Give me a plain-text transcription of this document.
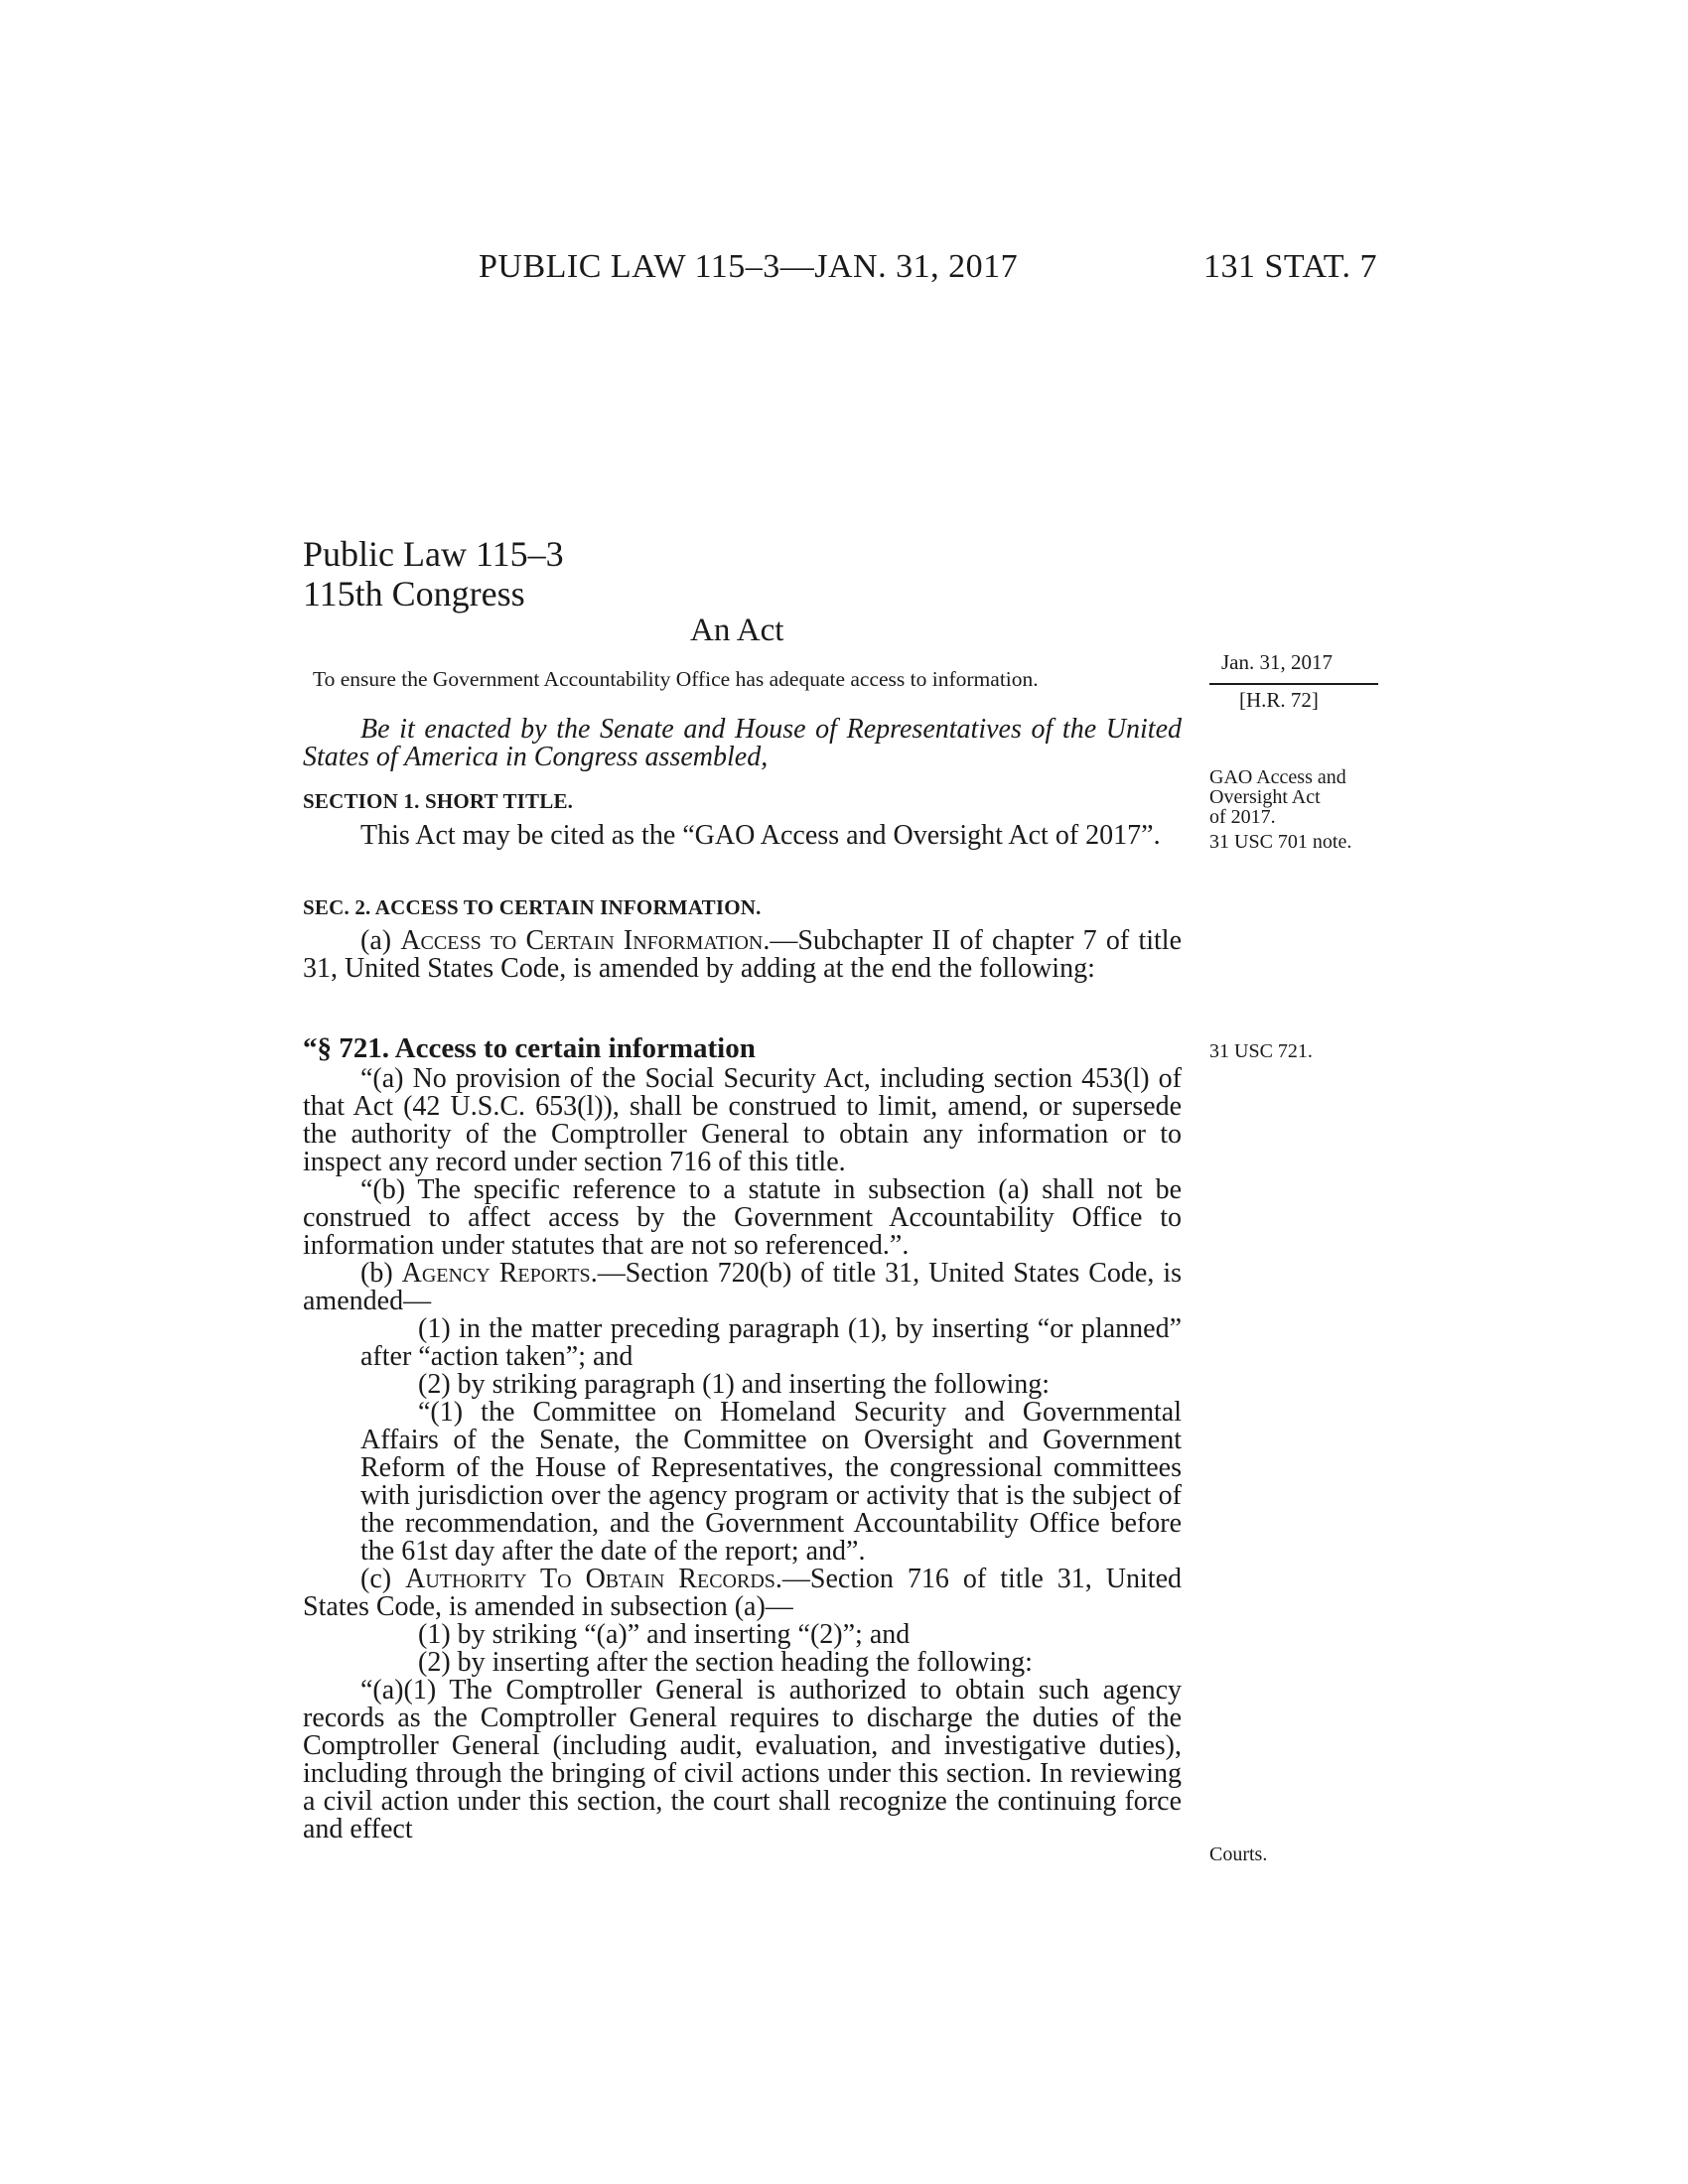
PUBLIC LAW 115–3—JAN. 31, 2017	131 STAT. 7
Public Law 115–3
115th Congress
An Act
To ensure the Government Accountability Office has adequate access to information.
Jan. 31, 2017
[H.R. 72]
GAO Access and
Oversight Act
of 2017.
31 USC 701 note.
31 USC 721.
Courts.

Be it enacted by the Senate and House of Representatives of the United States of America in Congress assembled,

SECTION 1. SHORT TITLE.

This Act may be cited as the “GAO Access and Oversight Act of 2017”.

SEC. 2. ACCESS TO CERTAIN INFORMATION.

(a) Access to Certain Information.—Subchapter II of chapter 7 of title 31, United States Code, is amended by adding at the end the following:

“§ 721. Access to certain information

“(a) No provision of the Social Security Act, including section 453(l) of that Act (42 U.S.C. 653(l)), shall be construed to limit, amend, or supersede the authority of the Comptroller General to obtain any information or to inspect any record under section 716 of this title.

“(b) The specific reference to a statute in subsection (a) shall not be construed to affect access by the Government Accountability Office to information under statutes that are not so referenced.”.

(b) Agency Reports.—Section 720(b) of title 31, United States Code, is amended—

(1) in the matter preceding paragraph (1), by inserting “or planned” after “action taken”; and

(2) by striking paragraph (1) and inserting the following:

“(1) the Committee on Homeland Security and Governmental Affairs of the Senate, the Committee on Oversight and Government Reform of the House of Representatives, the congressional committees with jurisdiction over the agency program or activity that is the subject of the recommendation, and the Government Accountability Office before the 61st day after the date of the report; and”.

(c) Authority To Obtain Records.—Section 716 of title 31, United States Code, is amended in subsection (a)—

(1) by striking “(a)” and inserting “(2)”; and

(2) by inserting after the section heading the following:

“(a)(1) The Comptroller General is authorized to obtain such agency records as the Comptroller General requires to discharge the duties of the Comptroller General (including audit, evaluation, and investigative duties), including through the bringing of civil actions under this section. In reviewing a civil action under this section, the court shall recognize the continuing force and effect
